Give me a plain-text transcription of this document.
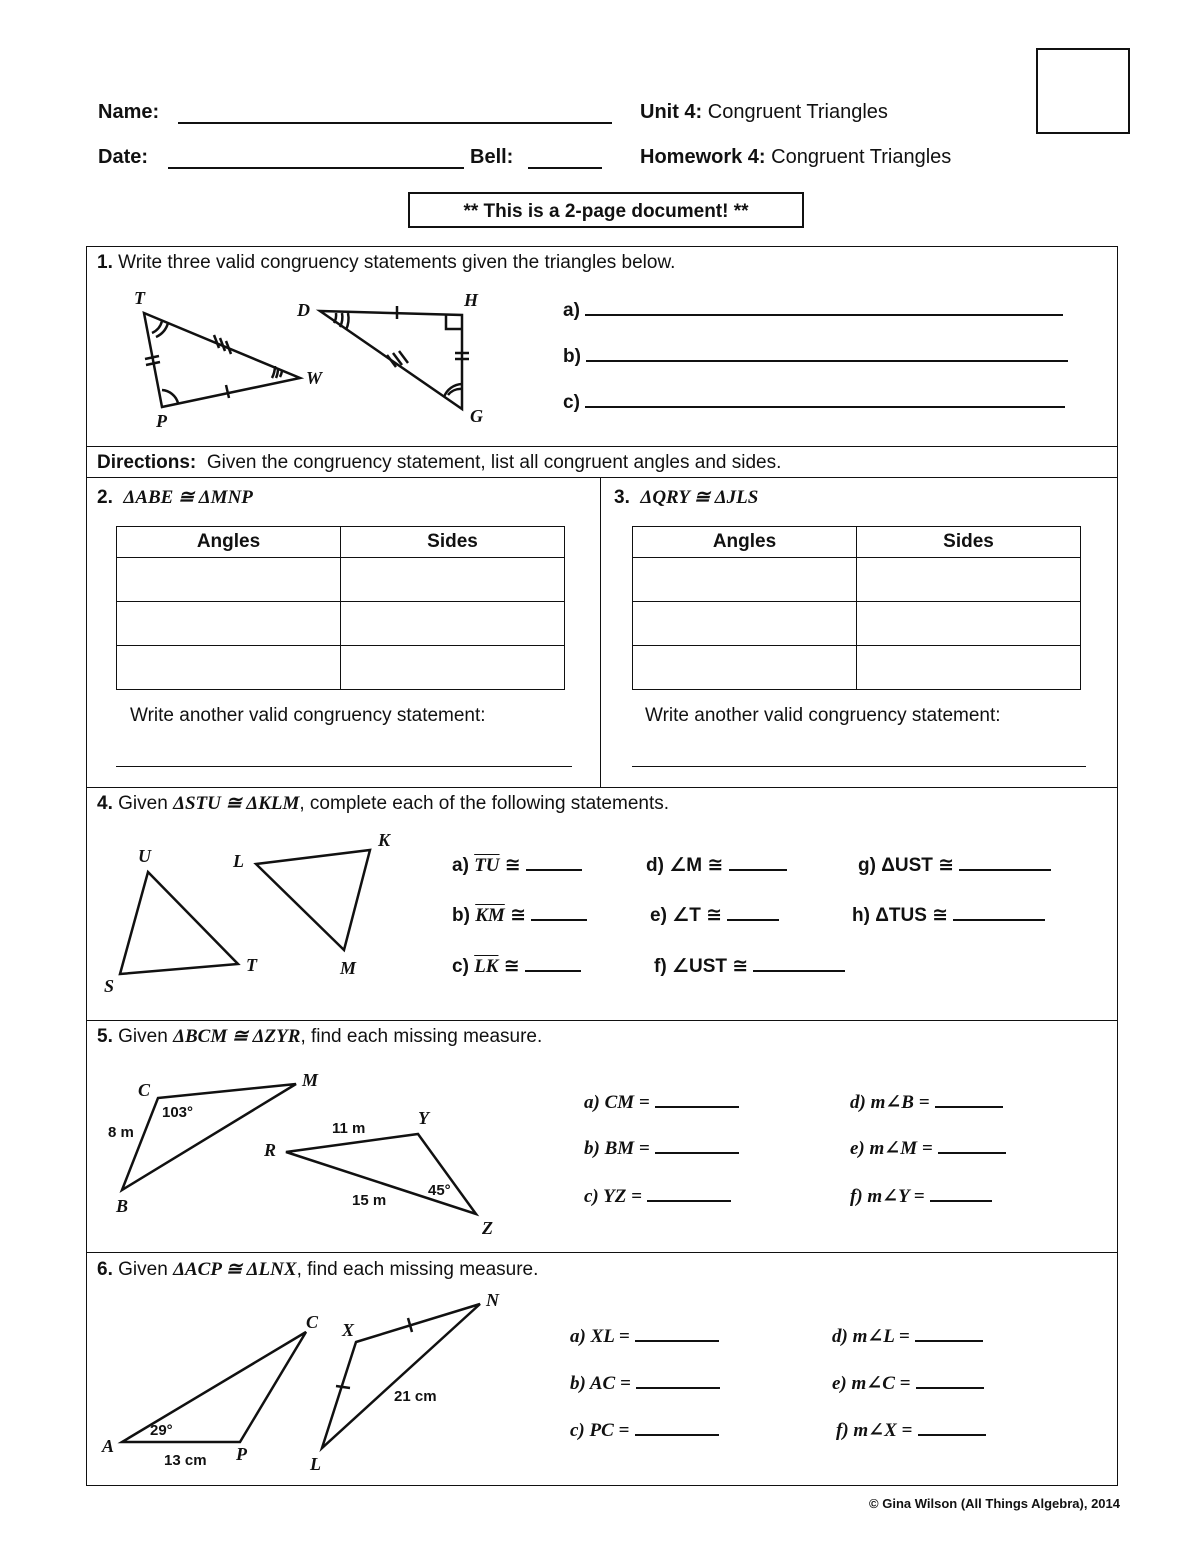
Name:
Date:	Bell:
Unit 4: Congruent Triangles
Homework 4: Congruent Triangles
** This is a 2-page document! **
1. Write three valid congruency statements given the triangles below.
T
W
P
D	H
G
a)
b)
c)
Directions: Given the congruency statement, list all congruent angles and sides.
2. ΔABE ≅ ΔMNP
Angles	Sides

Write another valid congruency statement:
3. ΔQRY ≅ ΔJLS
Angles	Sides

Write another valid congruency statement:
4. Given ΔSTU ≅ ΔKLM, complete each of the following statements.
U	L
K
S
T	M
a) $\overline{TU}$ ≅
b) $\overline{KM}$ ≅
c) $\overline{LK}$ ≅
d) ∠M ≅
e) ∠T ≅
f) ∠UST ≅
g) ΔUST ≅
h) ΔTUS ≅
5. Given ΔBCM ≅ ΔZYR, find each missing measure.
C	M
B
R
Y
Z
103°
8 m	11 m
15 m
45°
a) CM =
b) BM =
c) YZ =
d) m∠B =
e) m∠M =
f) m∠Y =
6. Given ΔACP ≅ ΔLNX, find each missing measure.
C
N
X
A	P	L
29°
13 cm
21 cm
a) XL =
b) AC =
c) PC =
d) m∠L =
e) m∠C =
f) m∠X =
© Gina Wilson (All Things Algebra), 2014
